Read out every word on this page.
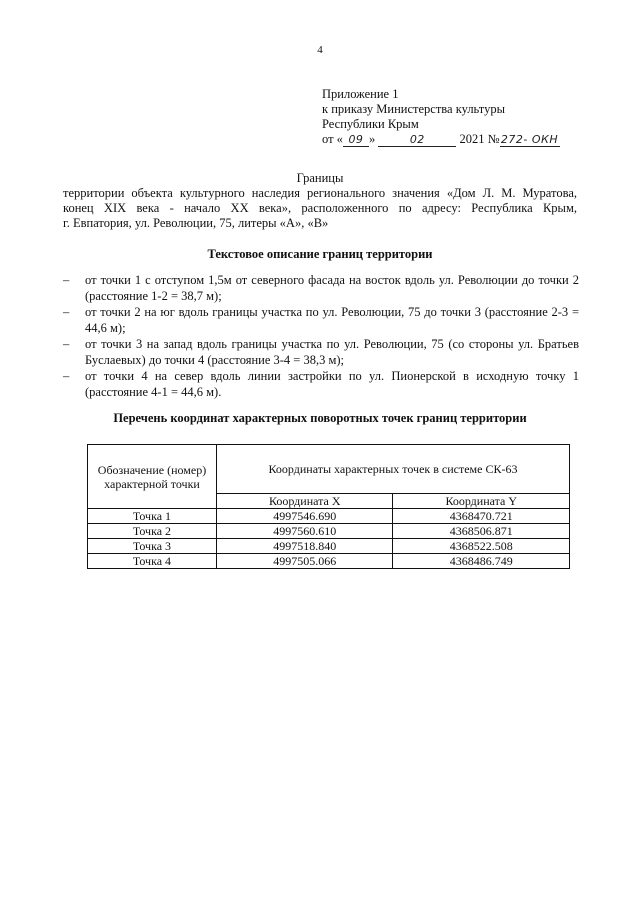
4
Приложение 1
к приказу Министерства культуры
Республики Крым
от « 09 »	02	2021 №272- ОКН
Границы
территории объекта культурного наследия регионального значения «Дом Л. М. Муратова,
конец XIX века - начало XX века», расположенного по адресу: Республика Крым,
г. Евпатория, ул. Революции, 75, литеры «А», «В»
Текстовое описание границ территории
– от точки 1 с отступом 1,5м от северного фасада на восток вдоль ул. Революции до точки 2 (расстояние 1-2 = 38,7 м);
– от точки 2 на юг вдоль границы участка по ул. Революции, 75 до точки 3 (расстояние 2-3 = 44,6 м);
– от точки 3 на запад вдоль границы участка по ул. Революции, 75 (со стороны ул. Братьев Буслаевых) до точки 4 (расстояние 3-4 = 38,3 м);
– от точки 4 на север вдоль линии застройки по ул. Пионерской в исходную точку 1 (расстояние 4-1 = 44,6 м).
Перечень координат характерных поворотных точек границ территории
Обозначение (номер) характерной точки	Координаты характерных точек в системе СК-63	
	Координата X	Координата Y
Точка 1	4997546.690	4368470.721
Точка 2	4997560.610	4368506.871
Точка 3	4997518.840	4368522.508
Точка 4	4997505.066	4368486.749
